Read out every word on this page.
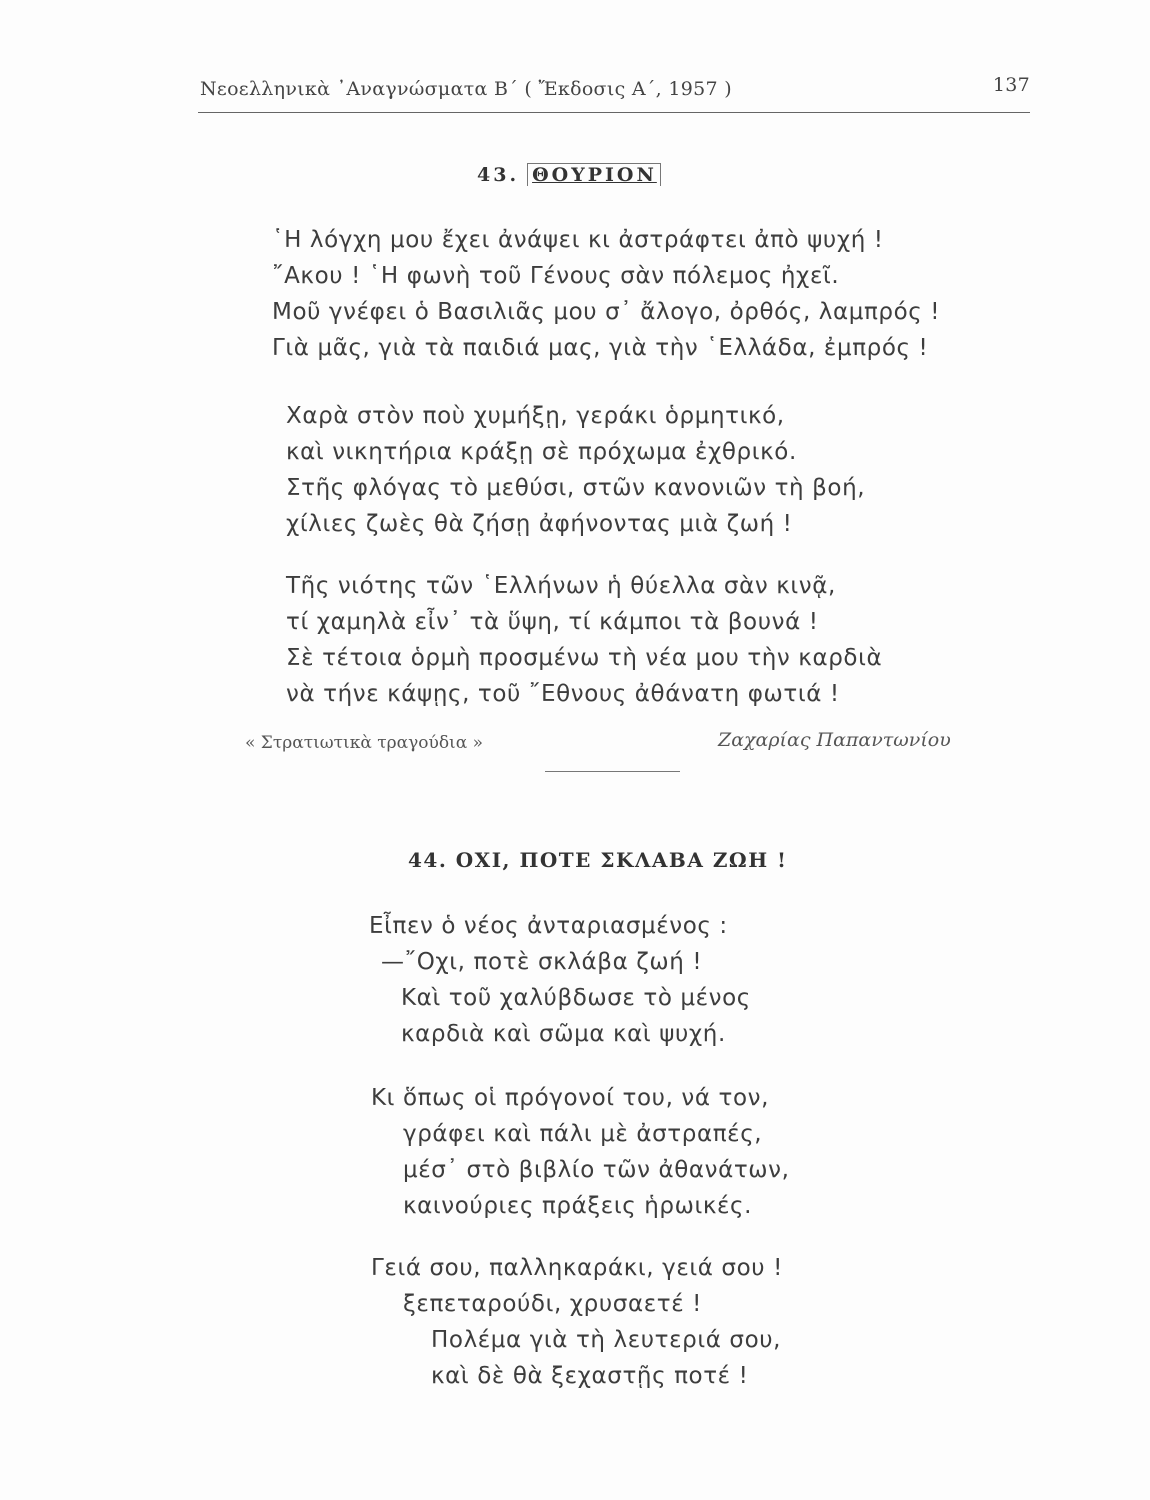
Νεοελληνικὰ ᾿Αναγνώσματα Β΄ ( Ἔκδοσις Α΄, 1957 )	137
43. ΘΟΥΡΙΟΝ
῾Η λόγχη μου ἔχει ἀνάψει κι ἀστράφτει ἀπὸ ψυχή !
῎Ακου ! ῾Η φωνὴ τοῦ Γένους σὰν πόλεμος ἠχεῖ.
Μοῦ γνέφει ὁ Βασιλιᾶς μου σ᾿ ἄλογο, ὀρθός, λαμπρός !
Γιὰ μᾶς, γιὰ τὰ παιδιά μας, γιὰ τὴν ῾Ελλάδα, ἐμπρός !
Χαρὰ στὸν ποὺ χυμήξῃ, γεράκι ὁρμητικό,
καὶ νικητήρια κράξῃ σὲ πρόχωμα ἐχθρικό.
Στῆς φλόγας τὸ μεθύσι, στῶν κανονιῶν τὴ βοή,
χίλιες ζωὲς θὰ ζήσῃ ἀφήνοντας μιὰ ζωή !
Τῆς νιότης τῶν ῾Ελλήνων ἡ θύελλα σὰν κινᾷ,
τί χαμηλὰ εἶν᾿ τὰ ὕψη, τί κάμποι τὰ βουνά !
Σὲ τέτοια ὁρμὴ προσμένω τὴ νέα μου τὴν καρδιὰ
νὰ τήνε κάψῃς, τοῦ ῎Εθνους ἀθάνατη φωτιά !
« Στρατιωτικὰ τραγούδια »	Ζαχαρίας Παπαντωνίου
44. ΟΧΙ, ΠΟΤΕ ΣΚΛΑΒΑ ΖΩΗ !
Εἶπεν ὁ νέος ἀνταριασμένος :
—῎Οχι, ποτὲ σκλάβα ζωή !
Καὶ τοῦ χαλύβδωσε τὸ μένος
καρδιὰ καὶ σῶμα καὶ ψυχή.
Κι ὅπως οἱ πρόγονοί του, νά τον,
γράφει καὶ πάλι μὲ ἀστραπές,
μέσ᾿ στὸ βιβλίο τῶν ἀθανάτων,
καινούριες πράξεις ἡρωικές.
Γειά σου, παλληκαράκι, γειά σου !
ξεπεταρούδι, χρυσαετέ !
Πολέμα γιὰ τὴ λευτεριά σου,
καὶ δὲ θὰ ξεχαστῇς ποτέ !
